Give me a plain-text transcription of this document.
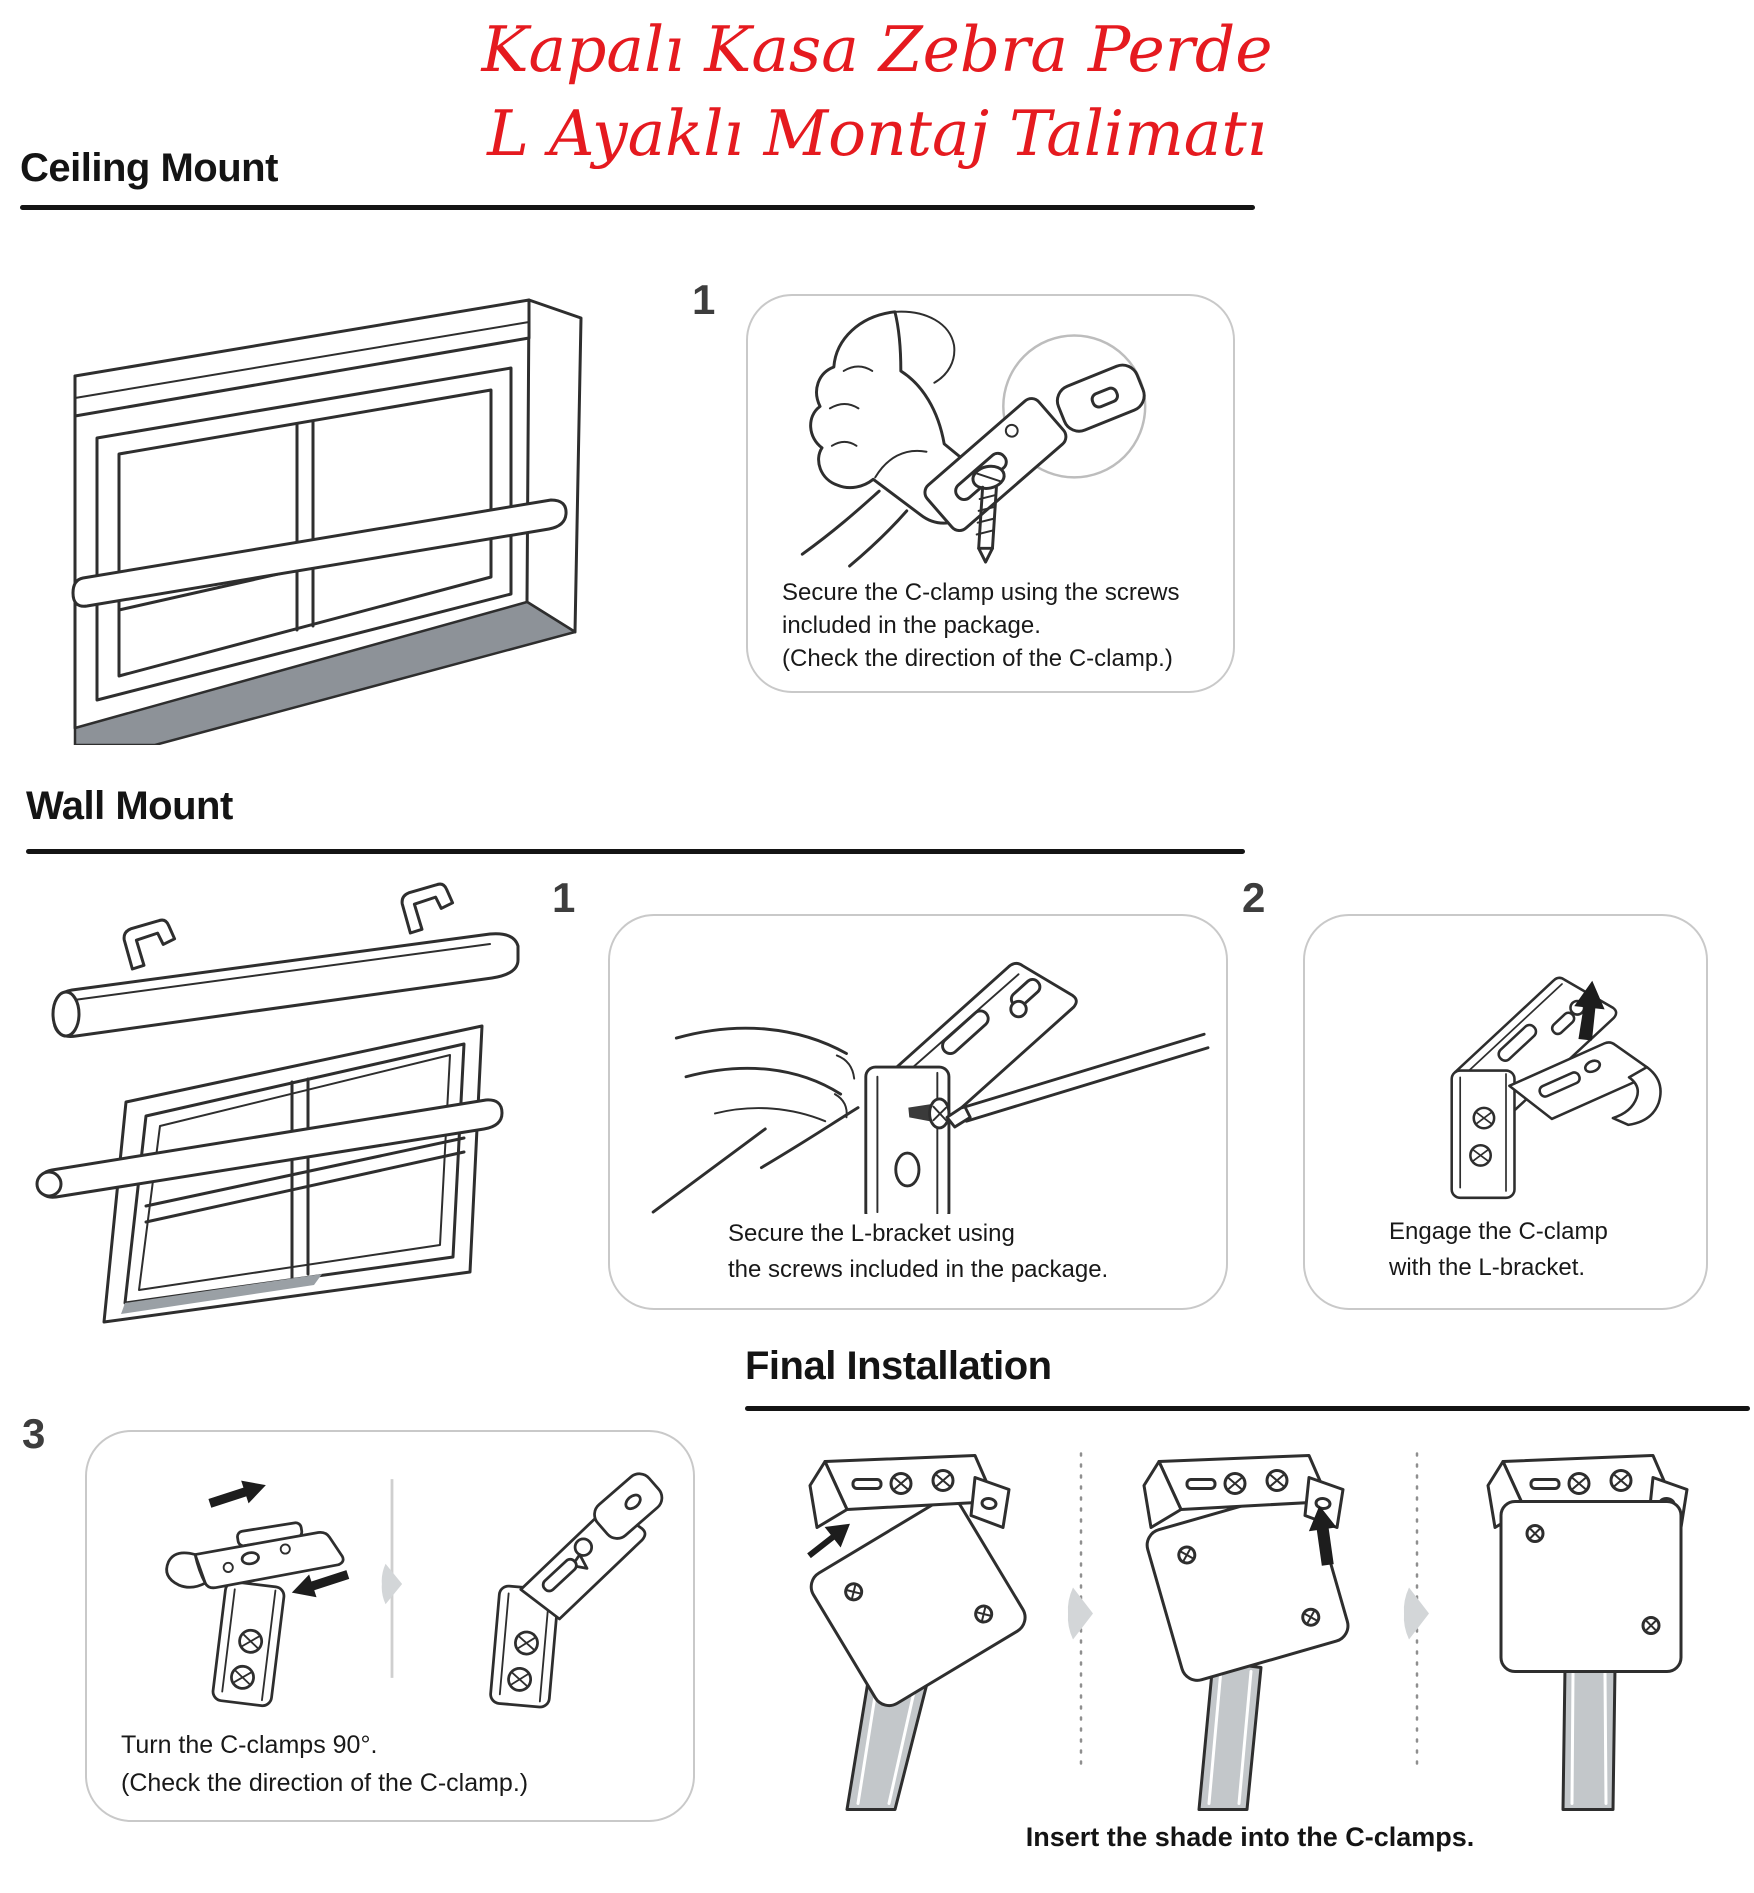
Kapalı Kasa Zebra Perde
L Ayaklı Montaj Talimatı
Ceiling Mount
1
Secure the C-clamp using the screws
included in the package.
(Check the direction of the C-clamp.)
Wall Mount
1
Secure the L-bracket using
the screws included in the package.
2
Engage the C-clamp
with the L-bracket.
Final Installation
3
Turn the C-clamps 90°.
(Check the direction of the C-clamp.)
Insert the shade into the C-clamps.
